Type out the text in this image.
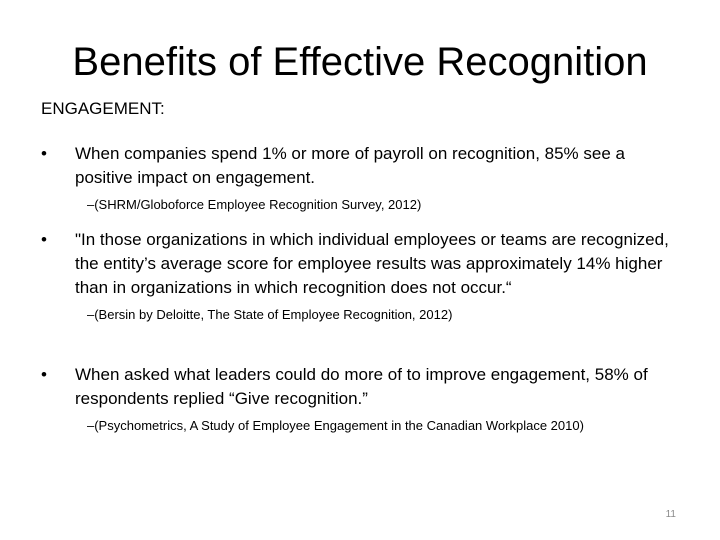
Benefits of Effective Recognition
ENGAGEMENT:
• When companies spend 1% or more of payroll on recognition, 85% see a positive impact on engagement.
–(SHRM/Globoforce Employee Recognition Survey, 2012)
• "In those organizations in which individual employees or teams are recognized, the entity’s average score for employee results was approximately 14% higher than in organizations in which recognition does not occur.“
–(Bersin by Deloitte, The State of Employee Recognition, 2012)
• When asked what leaders could do more of to improve engagement, 58% of respondents replied “Give recognition.”
–(Psychometrics, A Study of Employee Engagement in the Canadian Workplace 2010)
11
